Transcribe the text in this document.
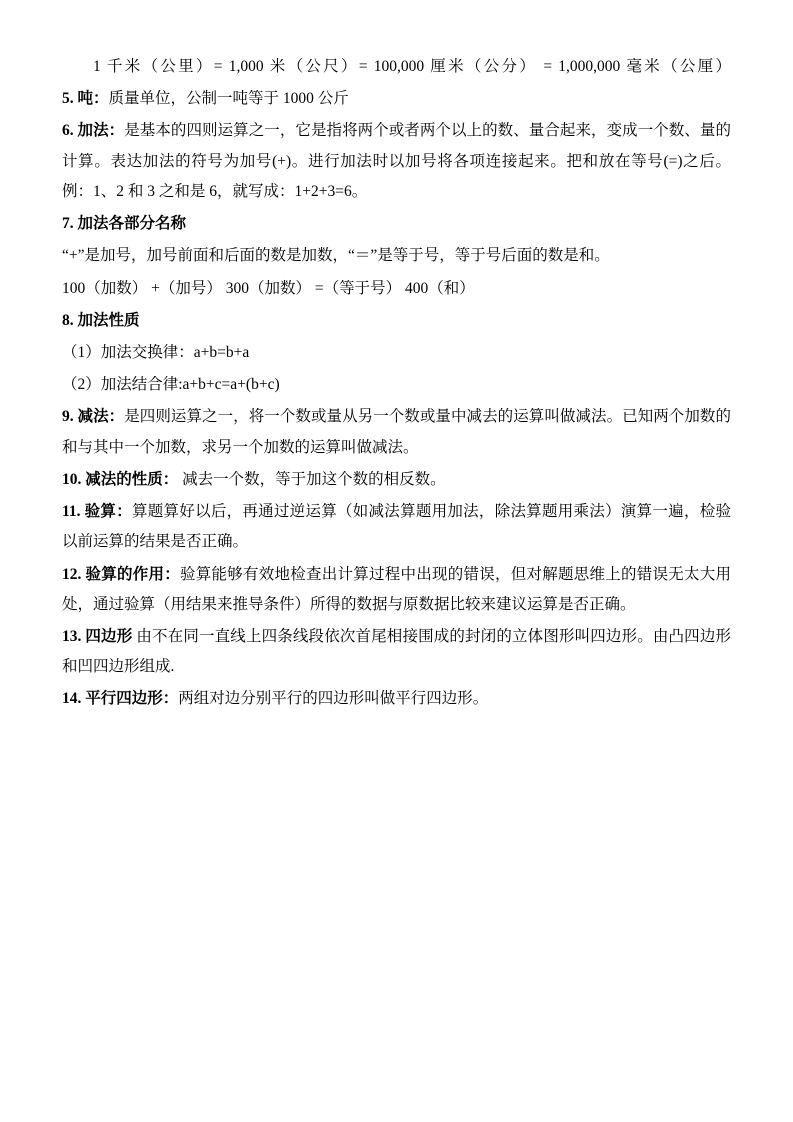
1 千米（公里）= 1,000 米（公尺）= 100,000 厘米（公分） = 1,000,000 毫米（公厘）

5. 吨：质量单位，公制一吨等于 1000 公斤

6. 加法：是基本的四则运算之一，它是指将两个或者两个以上的数、量合起来，变成一个数、量的计算。表达加法的符号为加号(+)。进行加法时以加号将各项连接起来。把和放在等号(=)之后。 例：1、2 和 3 之和是 6，就写成：1+2+3=6。

7. 加法各部分名称

“+”是加号，加号前面和后面的数是加数，“＝”是等于号，等于号后面的数是和。

100（加数） +（加号） 300（加数） =（等于号） 400（和）

8. 加法性质

（1）加法交换律：a+b=b+a

（2）加法结合律:a+b+c=a+(b+c)

9. 减法：是四则运算之一，将一个数或量从另一个数或量中减去的运算叫做减法。已知两个加数的和与其中一个加数，求另一个加数的运算叫做减法。

10. 减法的性质： 减去一个数，等于加这个数的相反数。

11. 验算：算题算好以后，再通过逆运算（如减法算题用加法，除法算题用乘法）演算一遍，检验以前运算的结果是否正确。

12. 验算的作用：验算能够有效地检查出计算过程中出现的错误，但对解题思维上的错误无太大用处，通过验算（用结果来推导条件）所得的数据与原数据比较来建议运算是否正确。

13. 四边形 由不在同一直线上四条线段依次首尾相接围成的封闭的立体图形叫四边形。由凸四边形和凹四边形组成.

14. 平行四边形：两组对边分别平行的四边形叫做平行四边形。
